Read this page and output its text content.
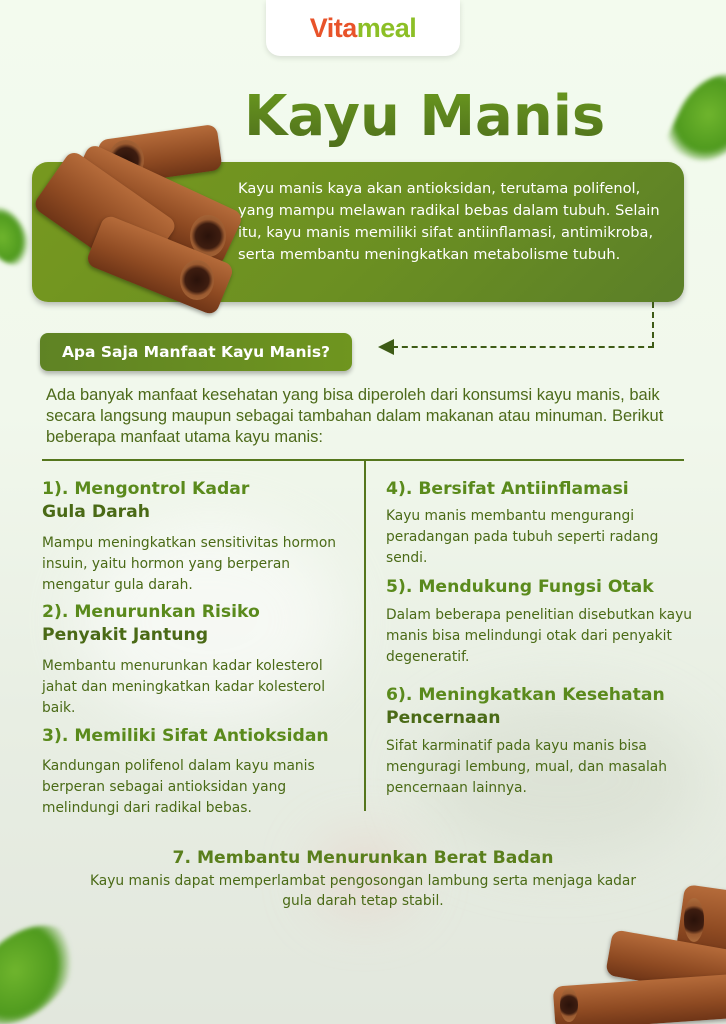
Vita meal
Kayu Manis
Kayu manis kaya akan antioksidan, terutama polifenol, yang mampu melawan radikal bebas dalam tubuh. Selain itu, kayu manis memiliki sifat antiinflamasi, antimikroba, serta membantu meningkatkan metabolisme tubuh.
Apa Saja Manfaat Kayu Manis?
Ada banyak manfaat kesehatan yang bisa diperoleh dari konsumsi kayu manis, baik secara langsung maupun sebagai tambahan dalam makanan atau minuman. Berikut beberapa manfaat utama kayu manis:
1). Mengontrol Kadar
Gula Darah

Mampu meningkatkan sensitivitas hormon insuin, yaitu hormon yang berperan mengatur gula darah.

2). Menurunkan Risiko
Penyakit Jantung

Membantu menurunkan kadar kolesterol jahat dan meningkatkan kadar kolesterol baik.

3). Memiliki Sifat Antioksidan

Kandungan polifenol dalam kayu manis berperan sebagai antioksidan yang melindungi dari radikal bebas.

4). Bersifat Antiinflamasi

Kayu manis membantu mengurangi peradangan pada tubuh seperti radang sendi.

5). Mendukung Fungsi Otak

Dalam beberapa penelitian disebutkan kayu manis bisa melindungi otak dari penyakit degeneratif.

6). Meningkatkan Kesehatan
Pencernaan

Sifat karminatif pada kayu manis bisa menguragi lembung, mual, dan masalah pencernaan lainnya.

7. Membantu Menurunkan Berat Badan

Kayu manis dapat memperlambat pengosongan lambung serta menjaga kadar gula darah tetap stabil.
